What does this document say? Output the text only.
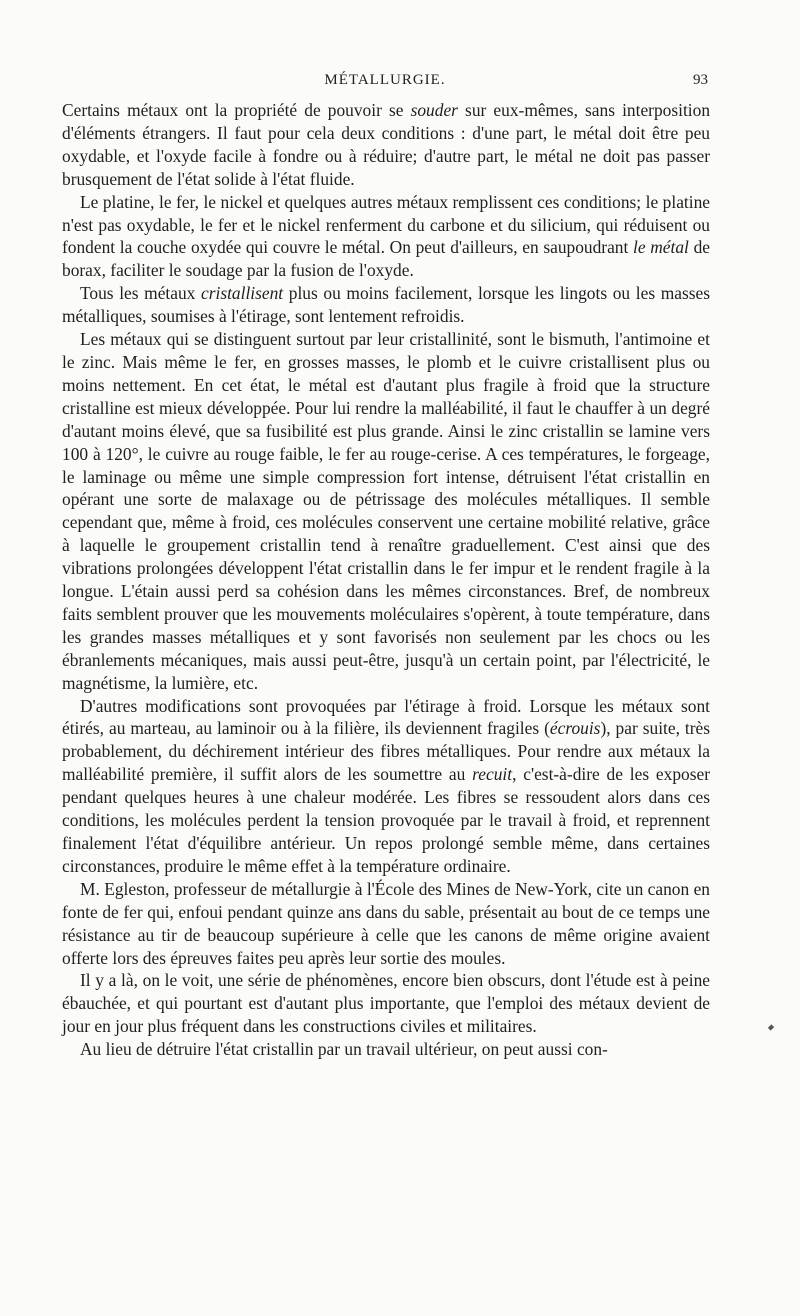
MÉTALLURGIE.	93

Certains métaux ont la propriété de pouvoir se souder sur eux-mêmes, sans interposition d'éléments étrangers. Il faut pour cela deux conditions : d'une part, le métal doit être peu oxydable, et l'oxyde facile à fondre ou à réduire; d'autre part, le métal ne doit pas passer brusquement de l'état solide à l'état fluide.

Le platine, le fer, le nickel et quelques autres métaux remplissent ces conditions; le platine n'est pas oxydable, le fer et le nickel renferment du carbone et du silicium, qui réduisent ou fondent la couche oxydée qui couvre le métal. On peut d'ailleurs, en saupoudrant le métal de borax, faciliter le soudage par la fusion de l'oxyde.

Tous les métaux cristallisent plus ou moins facilement, lorsque les lingots ou les masses métalliques, soumises à l'étirage, sont lentement refroidis.

Les métaux qui se distinguent surtout par leur cristallinité, sont le bismuth, l'antimoine et le zinc. Mais même le fer, en grosses masses, le plomb et le cuivre cristallisent plus ou moins nettement. En cet état, le métal est d'autant plus fragile à froid que la structure cristalline est mieux développée. Pour lui rendre la malléabilité, il faut le chauffer à un degré d'autant moins élevé, que sa fusibilité est plus grande. Ainsi le zinc cristallin se lamine vers 100 à 120°, le cuivre au rouge faible, le fer au rouge-cerise. A ces températures, le forgeage, le laminage ou même une simple compression fort intense, détruisent l'état cristallin en opérant une sorte de malaxage ou de pétrissage des molécules métalliques. Il semble cependant que, même à froid, ces molécules conservent une certaine mobilité relative, grâce à laquelle le groupement cristallin tend à renaître graduellement. C'est ainsi que des vibrations prolongées développent l'état cristallin dans le fer impur et le rendent fragile à la longue. L'étain aussi perd sa cohésion dans les mêmes circonstances. Bref, de nombreux faits semblent prouver que les mouvements moléculaires s'opèrent, à toute température, dans les grandes masses métalliques et y sont favorisés non seulement par les chocs ou les ébranlements mécaniques, mais aussi peut-être, jusqu'à un certain point, par l'électricité, le magnétisme, la lumière, etc.

D'autres modifications sont provoquées par l'étirage à froid. Lorsque les métaux sont étirés, au marteau, au laminoir ou à la filière, ils deviennent fragiles (écrouis), par suite, très probablement, du déchirement intérieur des fibres métalliques. Pour rendre aux métaux la malléabilité première, il suffit alors de les soumettre au recuit, c'est-à-dire de les exposer pendant quelques heures à une chaleur modérée. Les fibres se ressoudent alors dans ces conditions, les molécules perdent la tension provoquée par le travail à froid, et reprennent finalement l'état d'équilibre antérieur. Un repos prolongé semble même, dans certaines circonstances, produire le même effet à la température ordinaire.

M. Egleston, professeur de métallurgie à l'École des Mines de New-York, cite un canon en fonte de fer qui, enfoui pendant quinze ans dans du sable, présentait au bout de ce temps une résistance au tir de beaucoup supérieure à celle que les canons de même origine avaient offerte lors des épreuves faites peu après leur sortie des moules.

Il y a là, on le voit, une série de phénomènes, encore bien obscurs, dont l'étude est à peine ébauchée, et qui pourtant est d'autant plus importante, que l'emploi des métaux devient de jour en jour plus fréquent dans les constructions civiles et militaires.

Au lieu de détruire l'état cristallin par un travail ultérieur, on peut aussi con-
